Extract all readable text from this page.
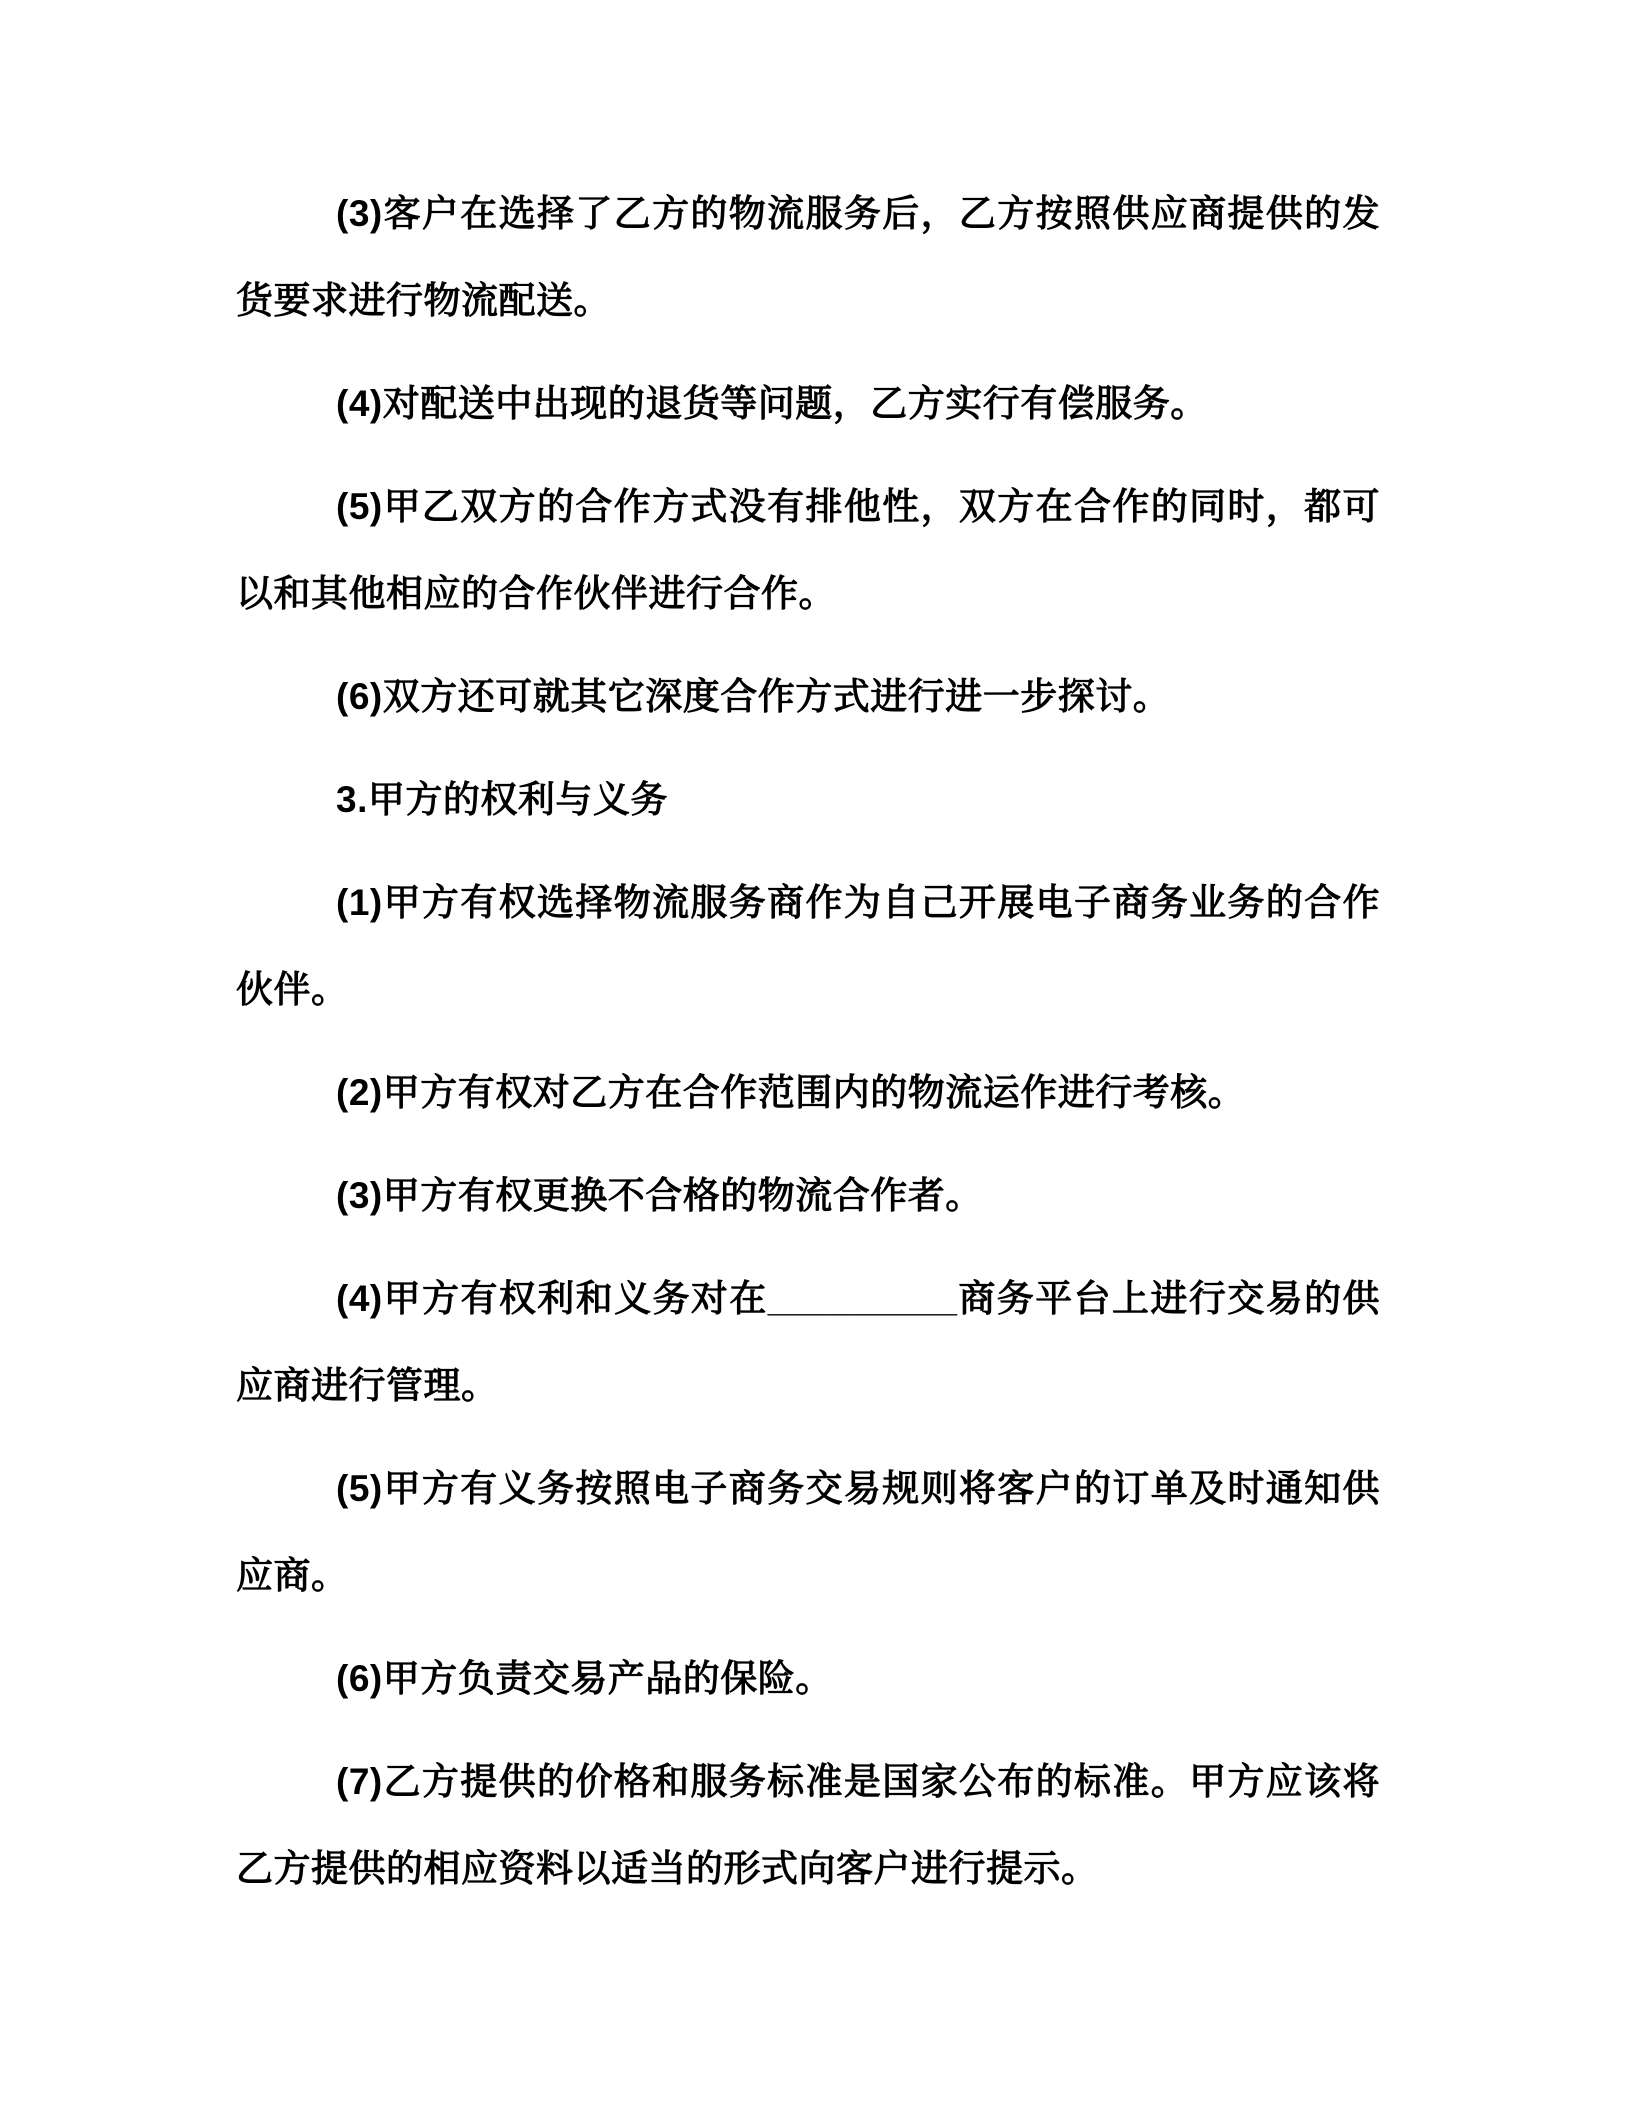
(3)客户在选择了乙方的物流服务后，乙方按照供应商提供的发货要求进行物流配送。

(4)对配送中出现的退货等问题，乙方实行有偿服务。

(5)甲乙双方的合作方式没有排他性，双方在合作的同时，都可以和其他相应的合作伙伴进行合作。

(6)双方还可就其它深度合作方式进行进一步探讨。

3.甲方的权利与义务

(1)甲方有权选择物流服务商作为自己开展电子商务业务的合作伙伴。

(2)甲方有权对乙方在合作范围内的物流运作进行考核。

(3)甲方有权更换不合格的物流合作者。

(4)甲方有权利和义务对在_________商务平台上进行交易的供应商进行管理。

(5)甲方有义务按照电子商务交易规则将客户的订单及时通知供应商。

(6)甲方负责交易产品的保险。

(7)乙方提供的价格和服务标准是国家公布的标准。甲方应该将乙方提供的相应资料以适当的形式向客户进行提示。
